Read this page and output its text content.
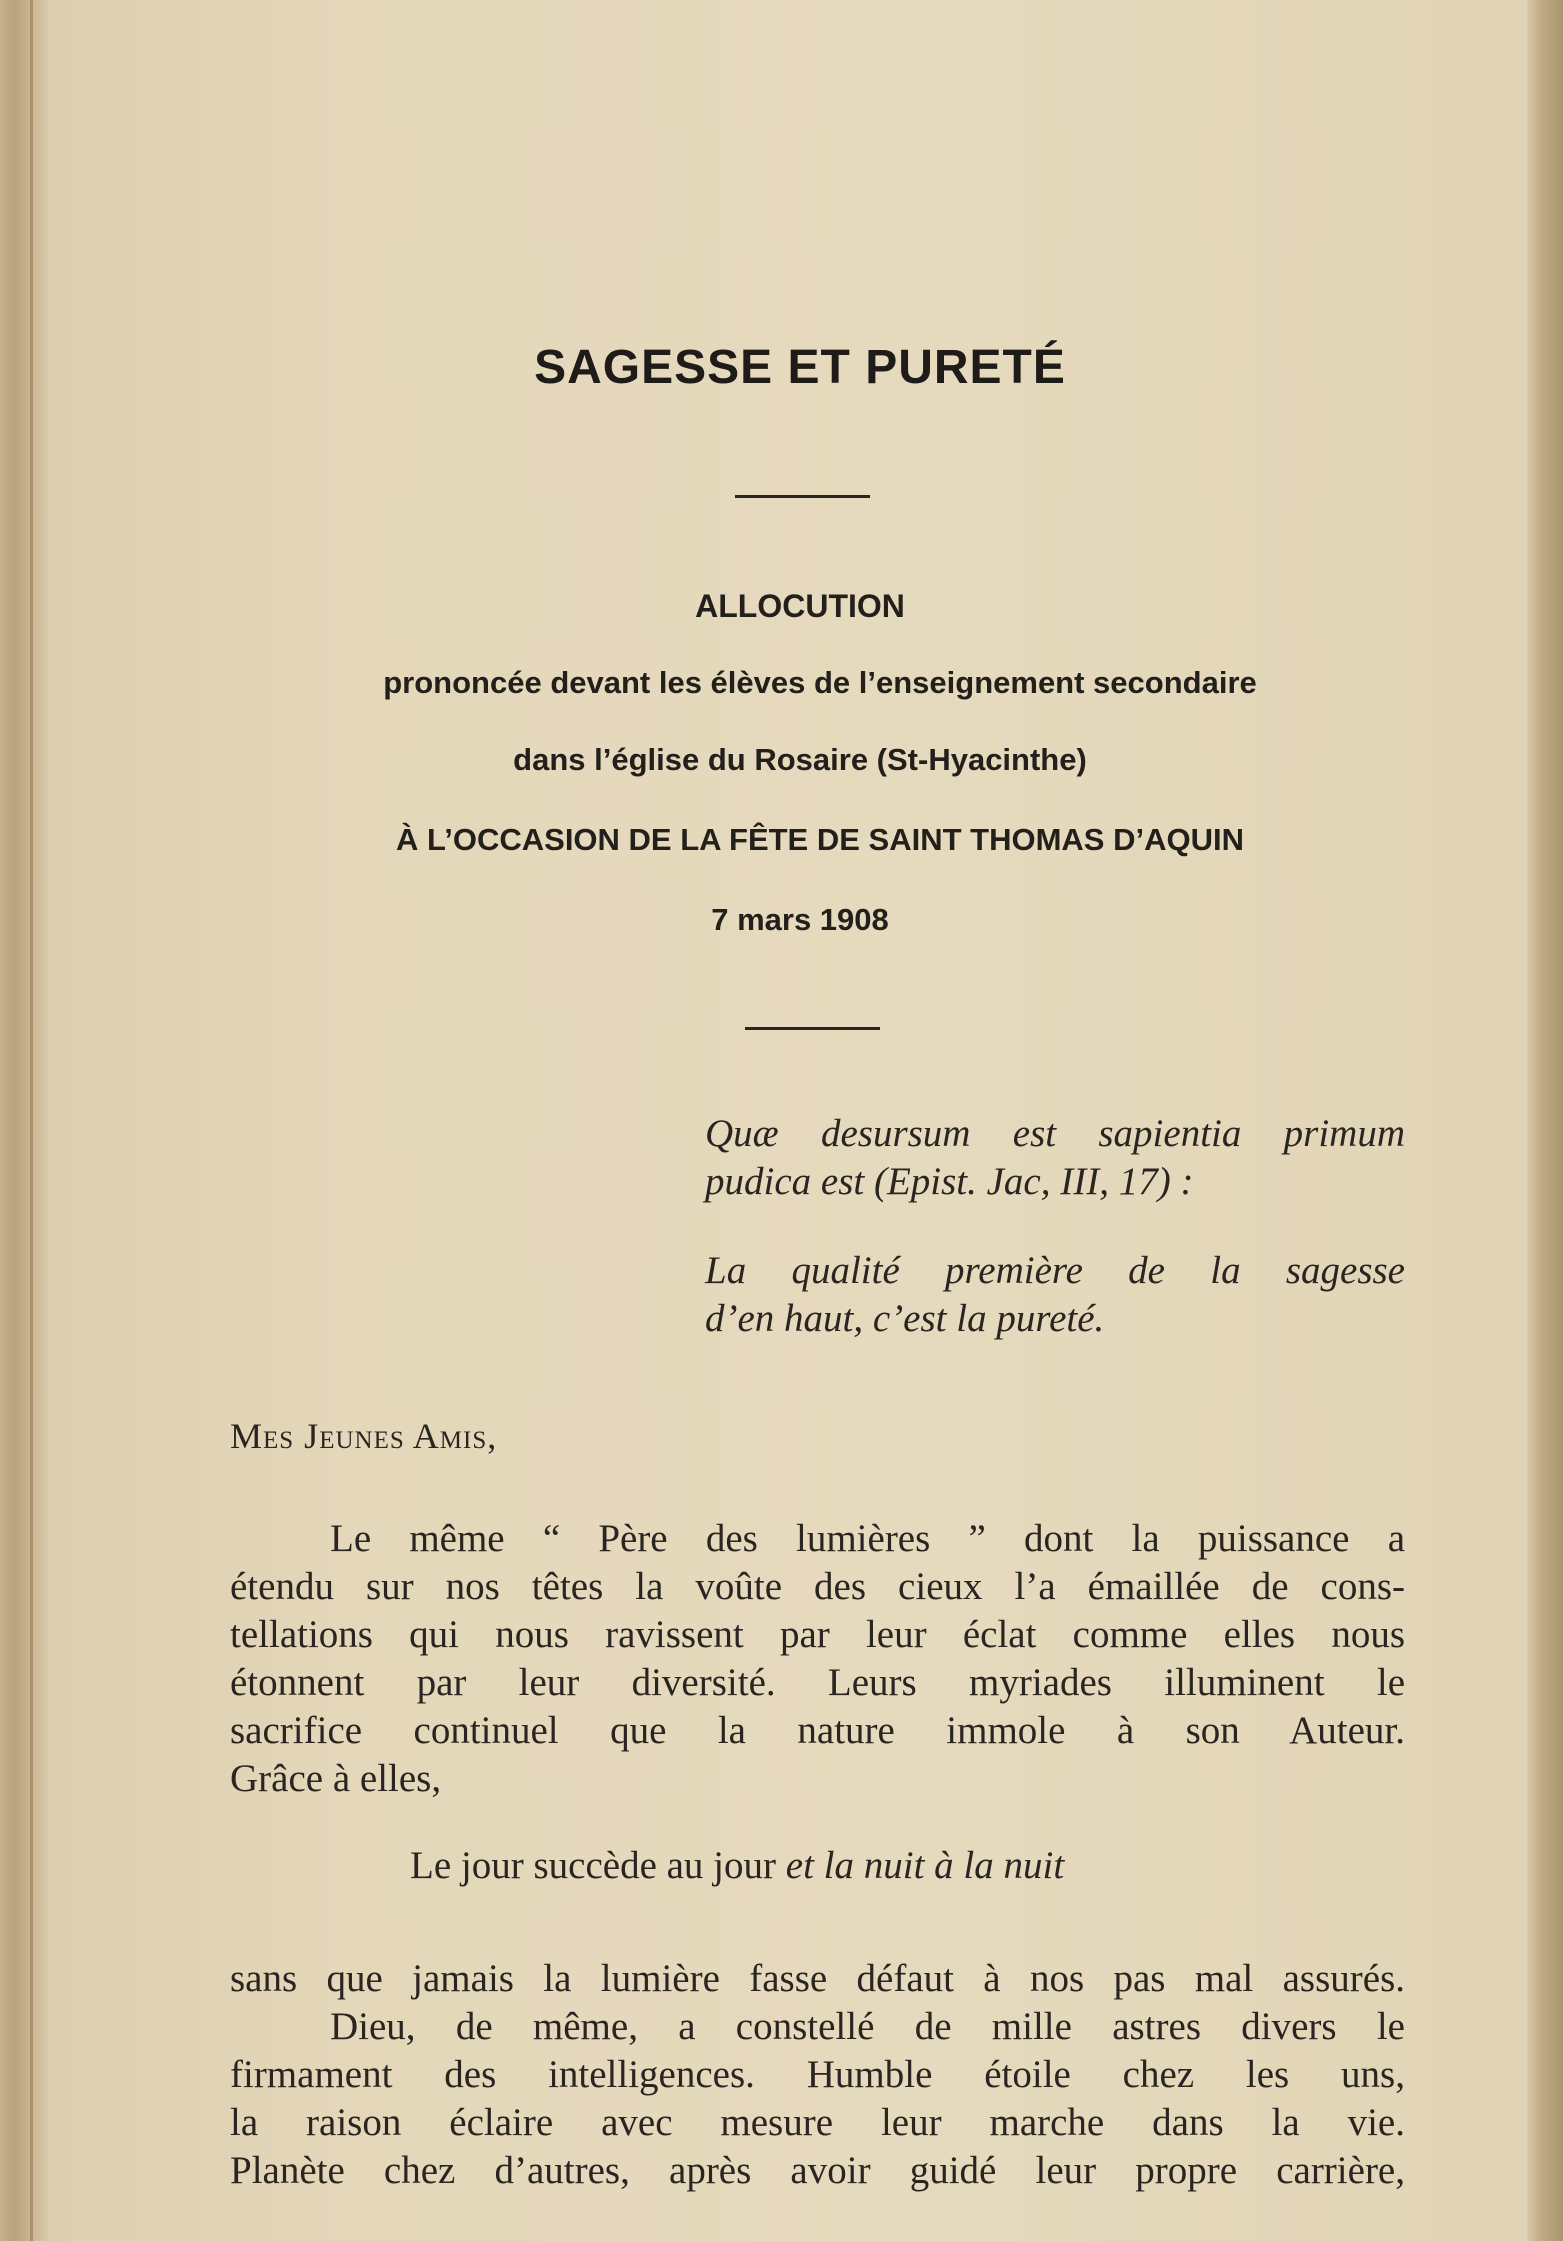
SAGESSE ET PURETÉ
ALLOCUTION
prononcée devant les élèves de l’enseignement secondaire
dans l’église du Rosaire (St-Hyacinthe)
À L’OCCASION DE LA FÊTE DE SAINT THOMAS D’AQUIN
7 mars 1908
Quæ desursum est sapientia primum
pudica est (Epist. Jac, III, 17) :
La qualité première de la sagesse
d’en haut, c’est la pureté.
Mes Jeunes Amis,
Le même “ Père des lumières ” dont la puissance a
étendu sur nos têtes la voûte des cieux l’a émaillée de cons-
tellations qui nous ravissent par leur éclat comme elles nous
étonnent par leur diversité. Leurs myriades illuminent le
sacrifice continuel que la nature immole à son Auteur.
Grâce à elles,
Le jour succède au jour et la nuit à la nuit
sans que jamais la lumière fasse défaut à nos pas mal assurés.
Dieu, de même, a constellé de mille astres divers le
firmament des intelligences. Humble étoile chez les uns,
la raison éclaire avec mesure leur marche dans la vie.
Planète chez d’autres, après avoir guidé leur propre carrière,
